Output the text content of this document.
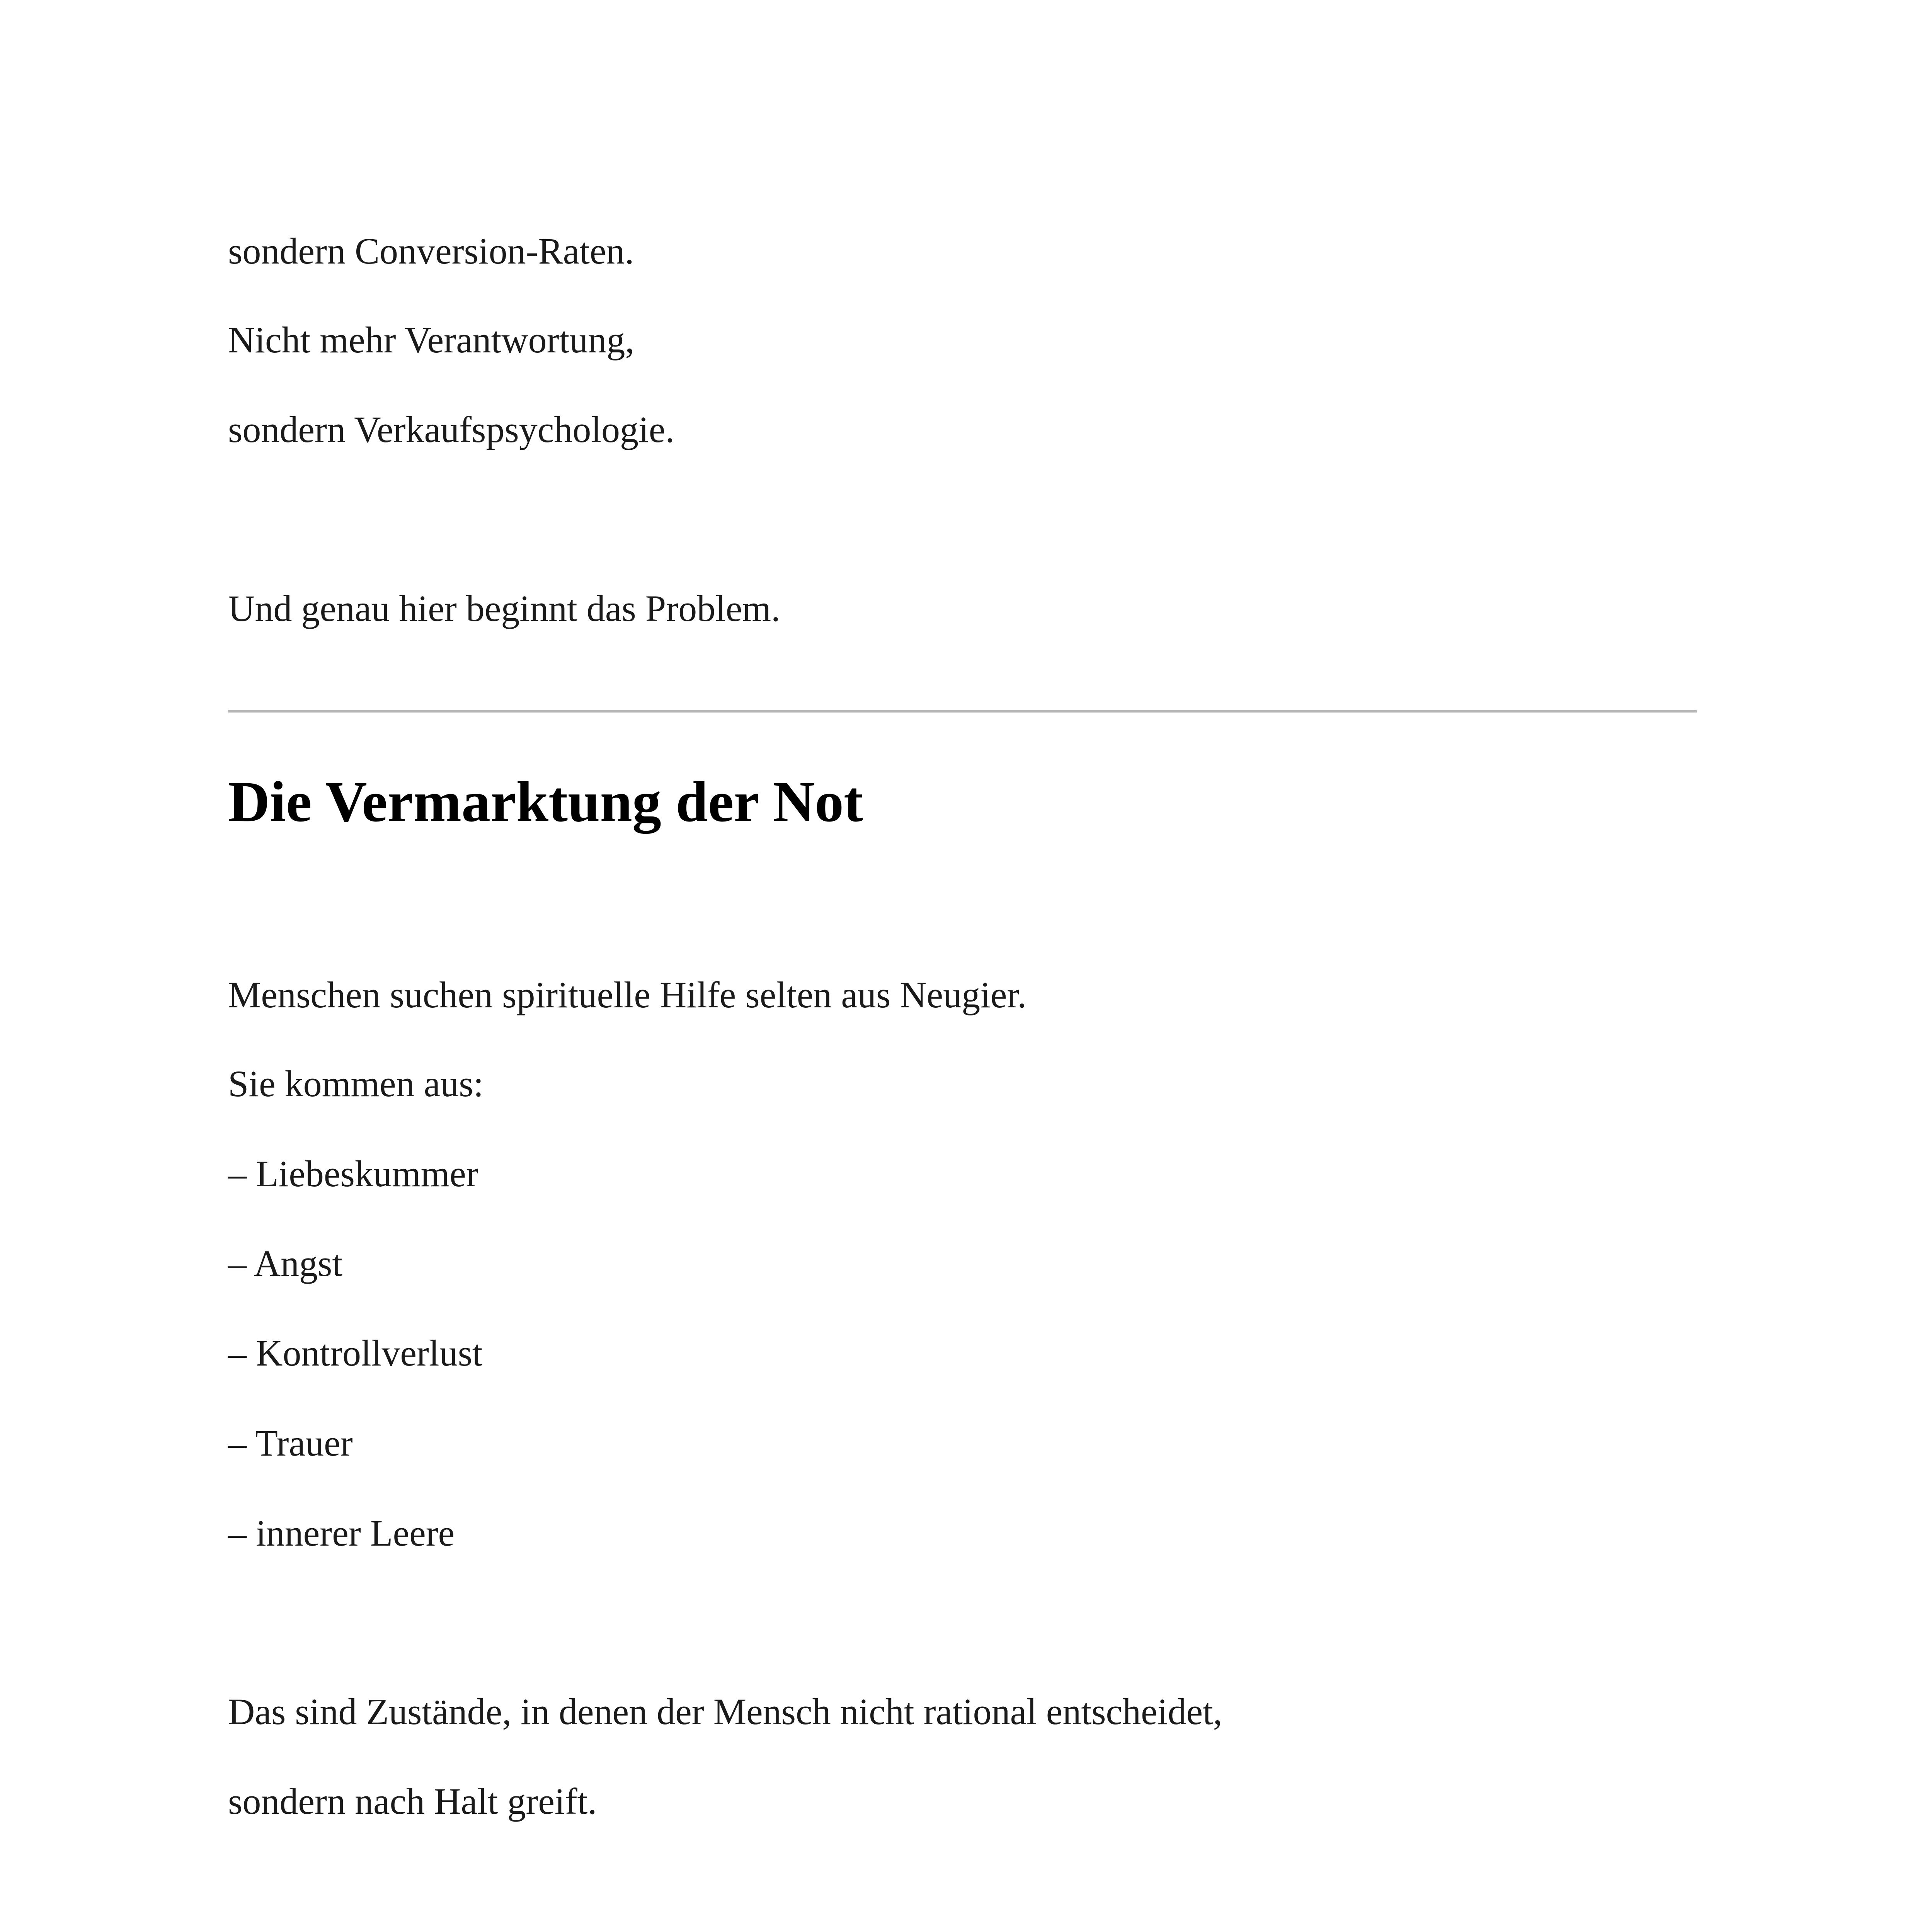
sondern Conversion-Raten.

Nicht mehr Verantwortung,

sondern Verkaufspsychologie.

Und genau hier beginnt das Problem.

Die Vermarktung der Not

Menschen suchen spirituelle Hilfe selten aus Neugier.

Sie kommen aus:

– Liebeskummer

– Angst

– Kontrollverlust

– Trauer

– innerer Leere

Das sind Zustände, in denen der Mensch nicht rational entscheidet,

sondern nach Halt greift.
